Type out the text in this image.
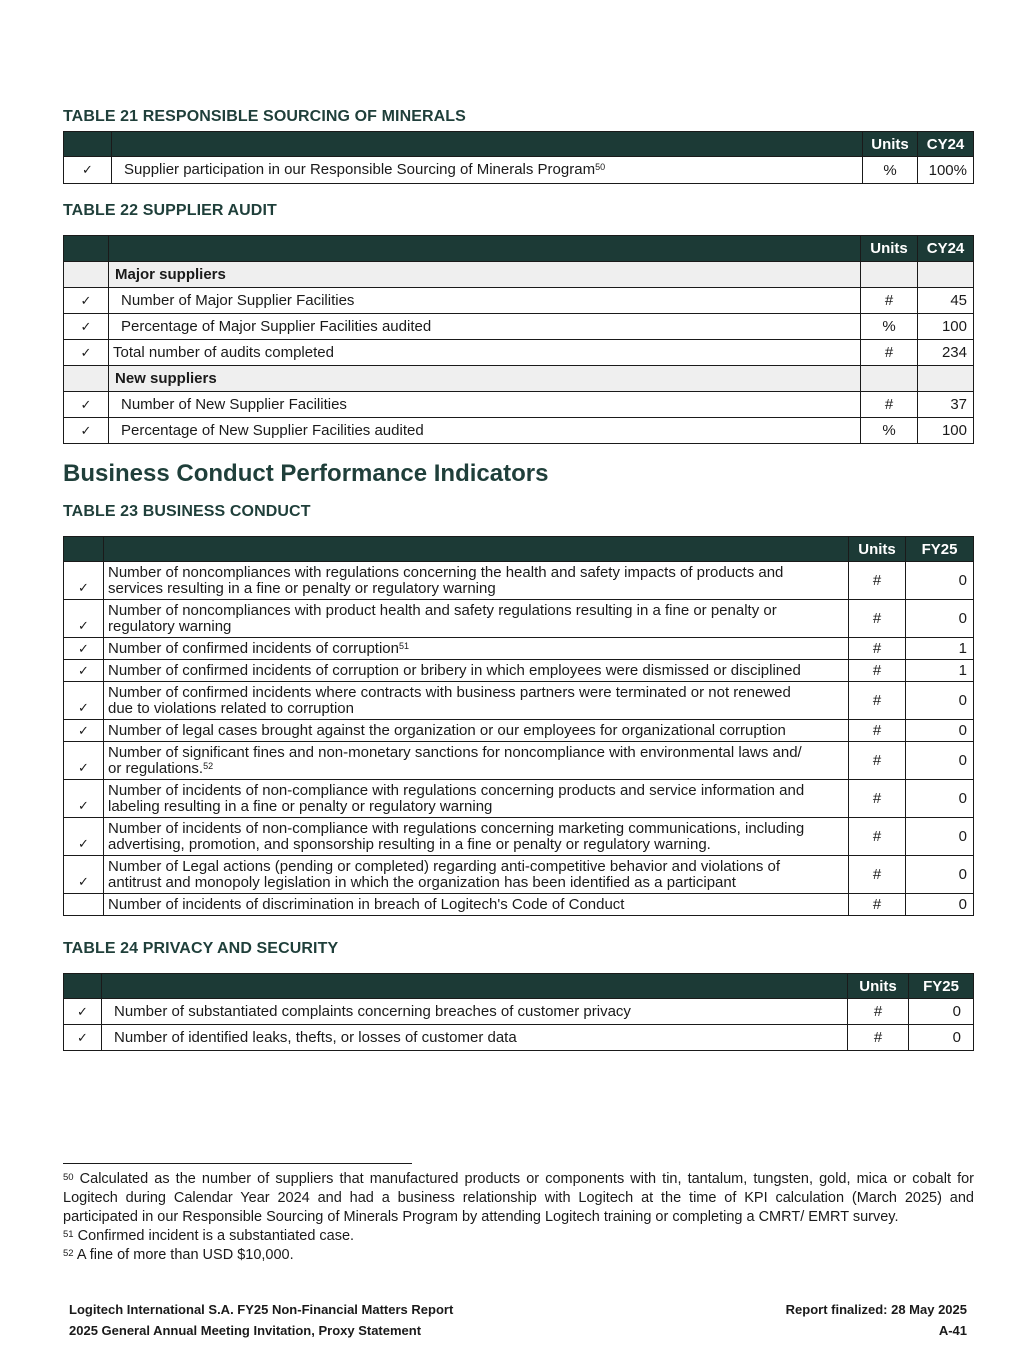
TABLE 21 RESPONSIBLE SOURCING OF MINERALS
		Units	CY24
✓	Supplier participation in our Responsible Sourcing of Minerals Program$^{50}$	%	100%
TABLE 22 SUPPLIER AUDIT
		Units	CY24
	Major suppliers		
✓	Number of Major Supplier Facilities	#	45
✓	Percentage of Major Supplier Facilities audited	%	100
✓	Total number of audits completed	#	234
	New suppliers		
✓	Number of New Supplier Facilities	#	37
✓	Percentage of New Supplier Facilities audited	%	100
Business Conduct Performance Indicators
TABLE 23 BUSINESS CONDUCT
		Units	FY25
✓	Number of noncompliances with regulations concerning the health and safety impacts of products and
services resulting in a fine or penalty or regulatory warning	#	0
✓	Number of noncompliances with product health and safety regulations resulting in a fine or penalty or
regulatory warning	#	0
✓	Number of confirmed incidents of corruption$^{51}$	#	1
✓	Number of confirmed incidents of corruption or bribery in which employees were dismissed or disciplined	#	1
✓	Number of confirmed incidents where contracts with business partners were terminated or not renewed
due to violations related to corruption	#	0
✓	Number of legal cases brought against the organization or our employees for organizational corruption	#	0
✓	Number of significant fines and non-monetary sanctions for noncompliance with environmental laws and/
or regulations.$^{52}$	#	0
✓	Number of incidents of non-compliance with regulations concerning products and service information and
labeling resulting in a fine or penalty or regulatory warning	#	0
✓	Number of incidents of non-compliance with regulations concerning marketing communications, including
advertising, promotion, and sponsorship resulting in a fine or penalty or regulatory warning.	#	0
✓	Number of Legal actions (pending or completed) regarding anti-competitive behavior and violations of
antitrust and monopoly legislation in which the organization has been identified as a participant	#	0
	Number of incidents of discrimination in breach of Logitech's Code of Conduct	#	0
TABLE 24 PRIVACY AND SECURITY
		Units	FY25
✓	Number of substantiated complaints concerning breaches of customer privacy	#	0
✓	Number of identified leaks, thefts, or losses of customer data	#	0

$^{50}$ Calculated as the number of suppliers that manufactured products or components with tin, tantalum, tungsten, gold, mica or cobalt for Logitech during Calendar Year 2024 and had a business relationship with Logitech at the time of KPI calculation (March 2025) and participated in our Responsible Sourcing of Minerals Program by attending Logitech training or completing a CMRT/ EMRT survey.

$^{51}$ Confirmed incident is a substantiated case.

$^{52}$ A fine of more than USD $10,000.

Logitech International S.A. FY25 Non-Financial Matters Report	Report finalized: 28 May 2025
2025 General Annual Meeting Invitation, Proxy Statement	A-41
